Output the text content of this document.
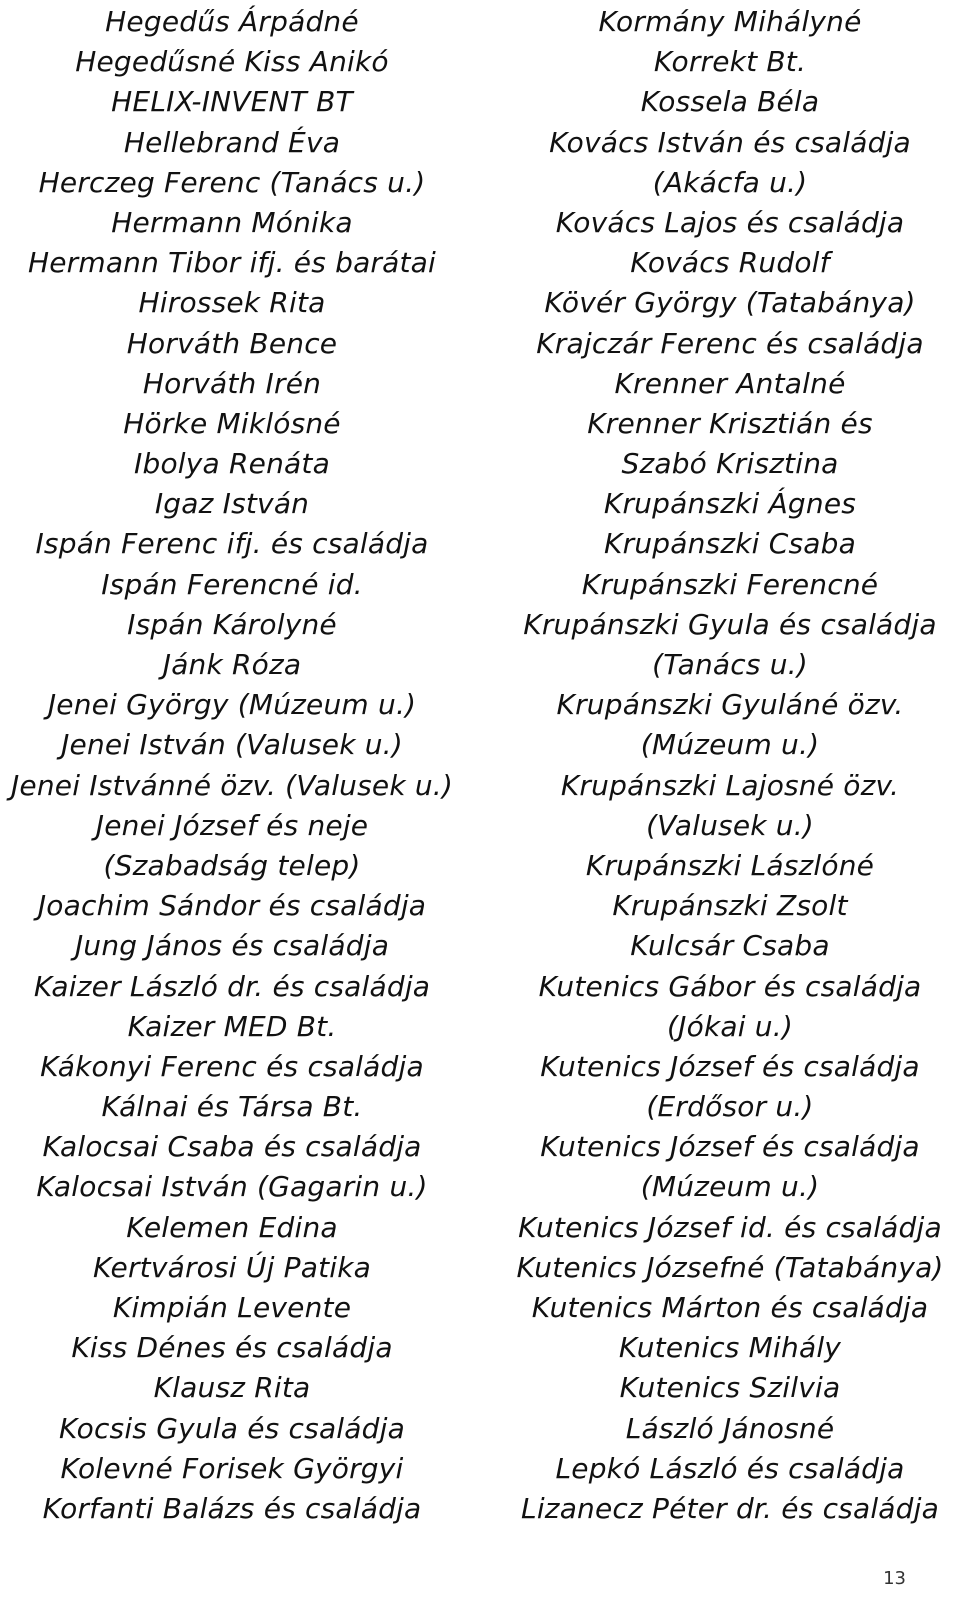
Hegedűs Árpádné
Hegedűsné Kiss Anikó
HELIX-INVENT BT
Hellebrand Éva
Herczeg Ferenc (Tanács u.)
Hermann Mónika
Hermann Tibor ifj. és barátai
Hirossek Rita
Horváth Bence
Horváth Irén
Hörke Miklósné
Ibolya Renáta
Igaz István
Ispán Ferenc ifj. és családja
Ispán Ferencné id.
Ispán Károlyné
Jánk Róza
Jenei György (Múzeum u.)
Jenei István (Valusek u.)
Jenei Istvánné özv. (Valusek u.)
Jenei József és neje
(Szabadság telep)
Joachim Sándor és családja
Jung János és családja
Kaizer László dr. és családja
Kaizer MED Bt.
Kákonyi Ferenc és családja
Kálnai és Társa Bt.
Kalocsai Csaba és családja
Kalocsai István (Gagarin u.)
Kelemen Edina
Kertvárosi Új Patika
Kimpián Levente
Kiss Dénes és családja
Klausz Rita
Kocsis Gyula és családja
Kolevné Forisek Györgyi
Korfanti Balázs és családja
Kormány Mihályné
Korrekt Bt.
Kossela Béla
Kovács István és családja
(Akácfa u.)
Kovács Lajos és családja
Kovács Rudolf
Kövér György (Tatabánya)
Krajczár Ferenc és családja
Krenner Antalné
Krenner Krisztián és
Szabó Krisztina
Krupánszki Ágnes
Krupánszki Csaba
Krupánszki Ferencné
Krupánszki Gyula és családja
(Tanács u.)
Krupánszki Gyuláné özv.
(Múzeum u.)
Krupánszki Lajosné özv.
(Valusek u.)
Krupánszki Lászlóné
Krupánszki Zsolt
Kulcsár Csaba
Kutenics Gábor és családja
(Jókai u.)
Kutenics József és családja
(Erdősor u.)
Kutenics József és családja
(Múzeum u.)
Kutenics József id. és családja
Kutenics Józsefné (Tatabánya)
Kutenics Márton és családja
Kutenics Mihály
Kutenics Szilvia
László Jánosné
Lepkó László és családja
Lizanecz Péter dr. és családja
13
